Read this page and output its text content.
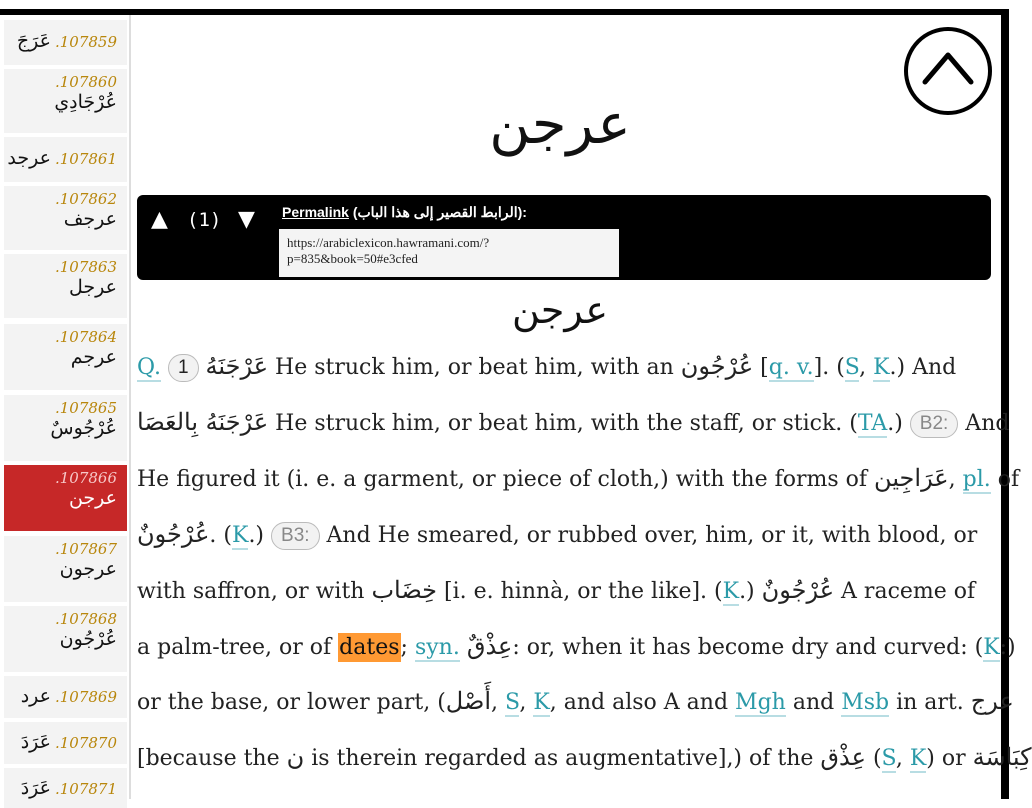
عَرَجَ .107859
.107860
عُرْجَادِي
عرجد .107861
.107862
عرجف
.107863
عرجل
.107864
عرجم
.107865
عُرْجُوسٌ
.107866
عرجن
.107867
عرجون
.107868
عُرْجُون
عرد .107869
عَرَدَ .107870
عَرَدَ .107871
عرجن
▲ (1) ▼ Permalink (الرابط القصير إلى هذا الباب):
https://arabiclexicon.hawramani.com/?
p=835&book=50#e3cfed
عرجن
Q. 1 عَرْجَنَهُ He struck him, or beat him, with an عُرْجُون [q. v.]. (S, K.) And
عَرْجَنَهُ بِالعَصَا He struck him, or beat him, with the staff, or stick. (TA.) B2: And
He figured it (i. e. a garment, or piece of cloth,) with the forms of عَرَاجِين, pl. of
عُرْجُونٌ. (K.) B3: And He smeared, or rubbed over, him, or it, with blood, or
with saffron, or with خِضَاب [i. e. hinnà, or the like]. (K.) عُرْجُونٌ A raceme of
a palm-tree, or of dates; syn. عِذْقٌ: or, when it has become dry and curved: (K:)
or the base, or lower part, (أَصْل, S, K, and also A and Mgh and Msb in art. عرج
[because the ن is therein regarded as augmentative],) of the عِذْق (S, K) or كِبَاسَة
